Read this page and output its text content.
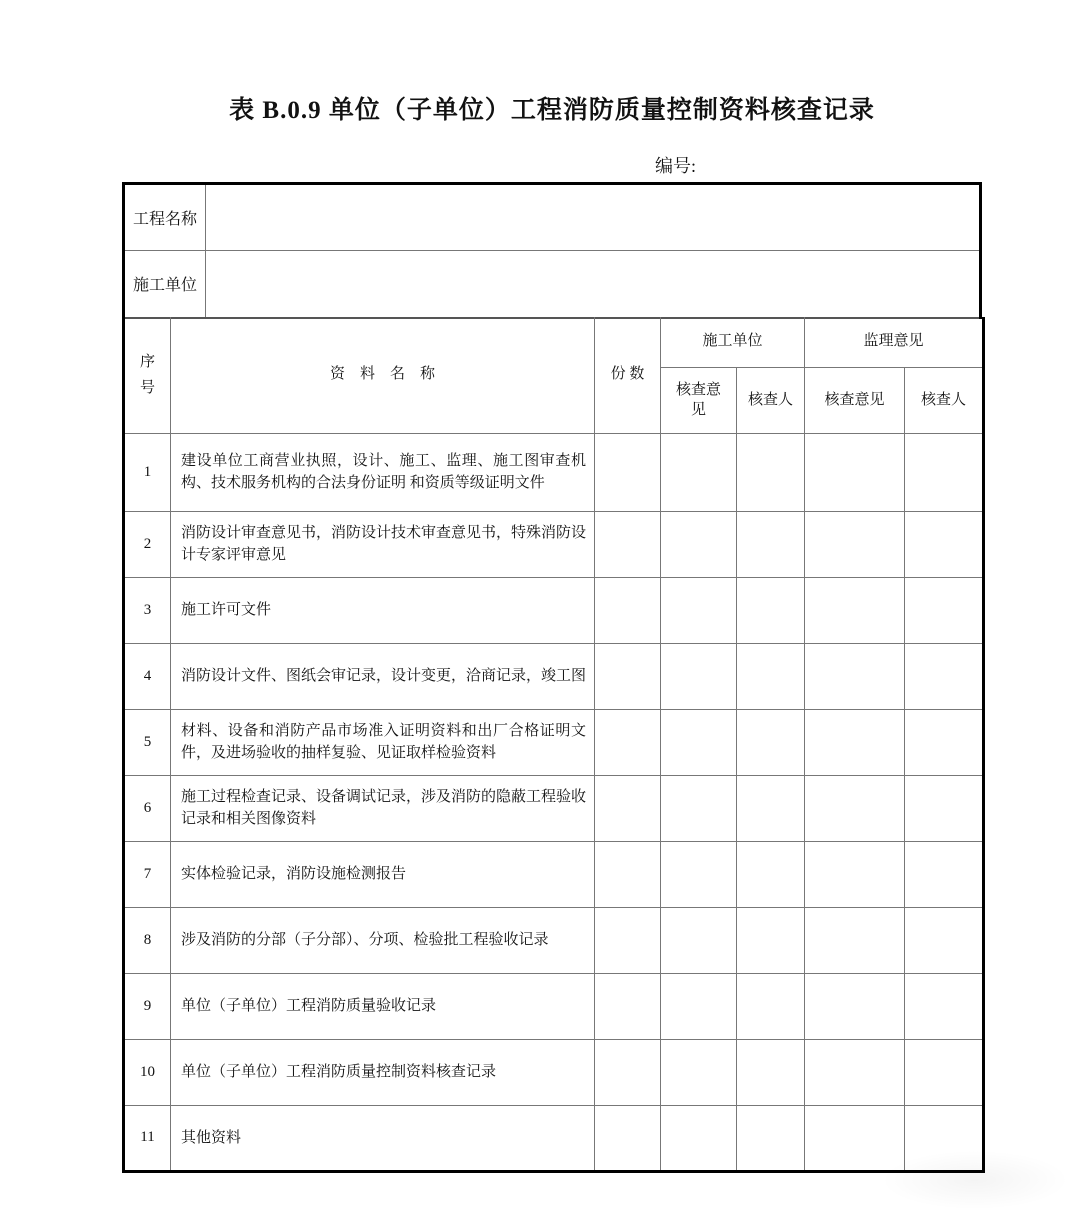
表 B.0.9 单位（子单位）工程消防质量控制资料核查记录
编号:
工程名称	
施工单位	
序号	资　料　名　称	份 数	施工单位		监理意见	
			核查意见	核查人	核查意见	核查人
1	建设单位工商营业执照，设计、施工、监理、施工图审查机构、技术服务机构的合法身份证明 和资质等级证明文件					
2	消防设计审查意见书，消防设计技术审查意见书，特殊消防设计专家评审意见					
3	施工许可文件					
4	消防设计文件、图纸会审记录，设计变更，洽商记录，竣工图					
5	材料、设备和消防产品市场准入证明资料和出厂合格证明文件，及进场验收的抽样复验、见证取样检验资料					
6	施工过程检查记录、设备调试记录，涉及消防的隐蔽工程验收记录和相关图像资料					
7	实体检验记录，消防设施检测报告					
8	涉及消防的分部（子分部）、分项、检验批工程验收记录					
9	单位（子单位）工程消防质量验收记录					
10	单位（子单位）工程消防质量控制资料核查记录					
11	其他资料					
